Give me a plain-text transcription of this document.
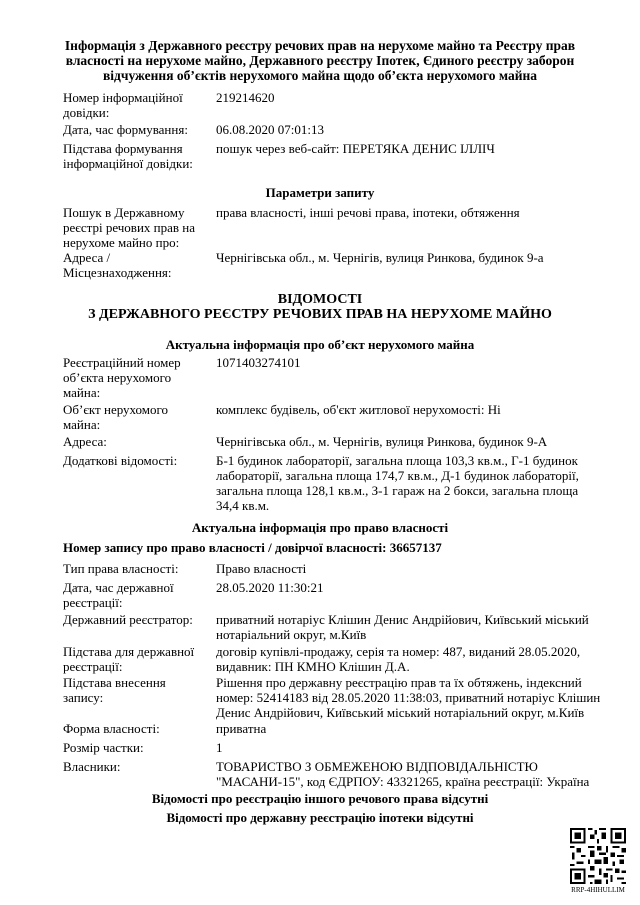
Інформація з Державного реєстру речових прав на нерухоме майно та Реєстру прав
власності на нерухоме майно, Державного реєстру Іпотек, Єдиного реєстру заборон
відчуження об’єктів нерухомого майна щодо об’єкта нерухомого майна
Номер інформаційної довідки:
219214620
Дата, час формування:	06.08.2020 07:01:13
Підстава формування інформаційної довідки:
пошук через веб-сайт: ПЕРЕТЯКА ДЕНИС ІЛЛІЧ
Параметри запиту
Пошук в Державному реєстрі речових прав на нерухоме майно про:
права власності, інші речові права, іпотеки, обтяження
Адреса / Місцезнаходження:
Чернігівська обл., м. Чернігів, вулиця Ринкова, будинок 9-а
ВІДОМОСТІ
З ДЕРЖАВНОГО РЕЄСТРУ РЕЧОВИХ ПРАВ НА НЕРУХОМЕ МАЙНО
Актуальна інформація про об’єкт нерухомого майна
Реєстраційний номер об’єкта нерухомого майна:
1071403274101
Об’єкт нерухомого майна:
комплекс будівель, об'єкт житлової нерухомості: Ні
Адреса:	Чернігівська обл., м. Чернігів, вулиця Ринкова, будинок 9-А
Додаткові відомості:	Б-1 будинок лабораторії, загальна площа 103,3 кв.м., Г-1 будинок лабораторії, загальна площа 174,7 кв.м., Д-1 будинок лабораторії, загальна площа 128,1 кв.м., З-1 гараж на 2 бокси, загальна площа 34,4 кв.м.
Актуальна інформація про право власності
Номер запису про право власності / довірчої власності: 36657137
Тип права власності:	Право власності
Дата, час державної реєстрації:
28.05.2020 11:30:21
Державний реєстратор:	приватний нотаріус Клішин Денис Андрійович, Київський міський нотаріальний округ, м.Київ
Підстава для державної реєстрації:
договір купівлі-продажу, серія та номер: 487, виданий 28.05.2020, видавник: ПН КМНО Клішин Д.А.
Підстава внесення запису:
Рішення про державну реєстрацію прав та їх обтяжень, індексний номер: 52414183 від 28.05.2020 11:38:03, приватний нотаріус Клішин Денис Андрійович, Київський міський нотаріальний округ, м.Київ
Форма власності:	приватна
Розмір частки:	1
Власники:	ТОВАРИСТВО З ОБМЕЖЕНОЮ ВІДПОВІДАЛЬНІСТЮ "МАСАНИ-15", код ЄДРПОУ: 43321265, країна реєстрації: Україна
Відомості про реєстрацію іншого речового права відсутні
Відомості про державну реєстрацію іпотеки відсутні
RRP-4HIHULLIM
